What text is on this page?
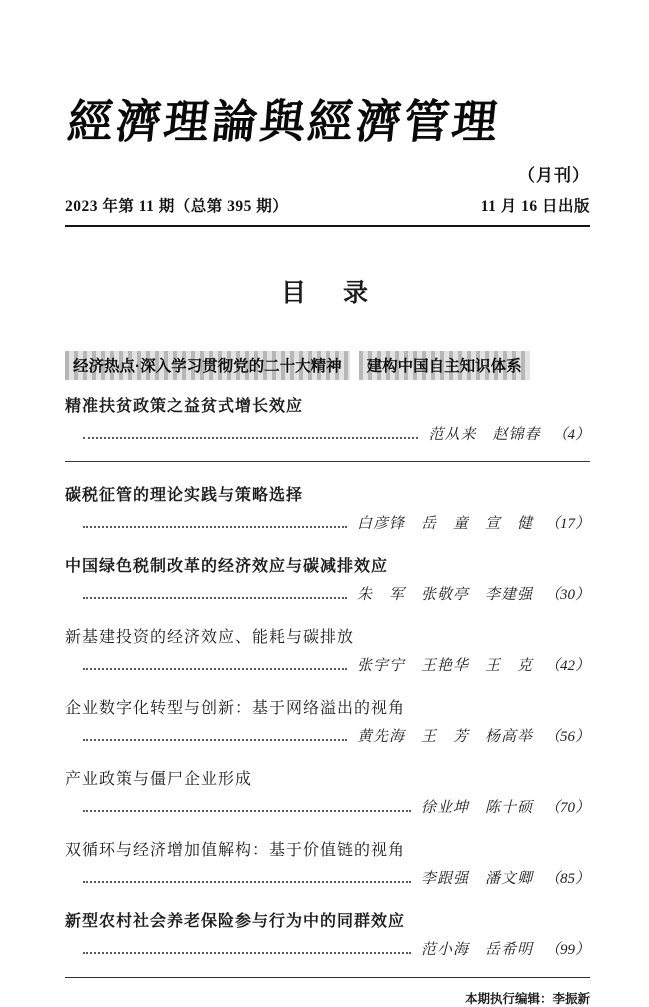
經濟理論與經濟管理
（月刊）
2023 年第 11 期（总第 395 期）	11 月 16 日出版
目　录
经济热点·深入学习贯彻党的二十大精神	建构中国自主知识体系
精准扶贫政策之益贫式增长效应
范从来　赵锦春 （4）
碳税征管的理论实践与策略选择
白彦锋　岳　童　宣　健 （17）
中国绿色税制改革的经济效应与碳减排效应
朱　军　张敬亭　李建强 （30）
新基建投资的经济效应、能耗与碳排放
张宇宁　王艳华　王　克 （42）
企业数字化转型与创新：基于网络溢出的视角
黄先海　王　芳　杨高举 （56）
产业政策与僵尸企业形成
徐业坤　陈十硕 （70）
双循环与经济增加值解构：基于价值链的视角
李跟强　潘文卿 （85）
新型农村社会养老保险参与行为中的同群效应
范小海　岳希明 （99）
本期执行编辑：李振新
